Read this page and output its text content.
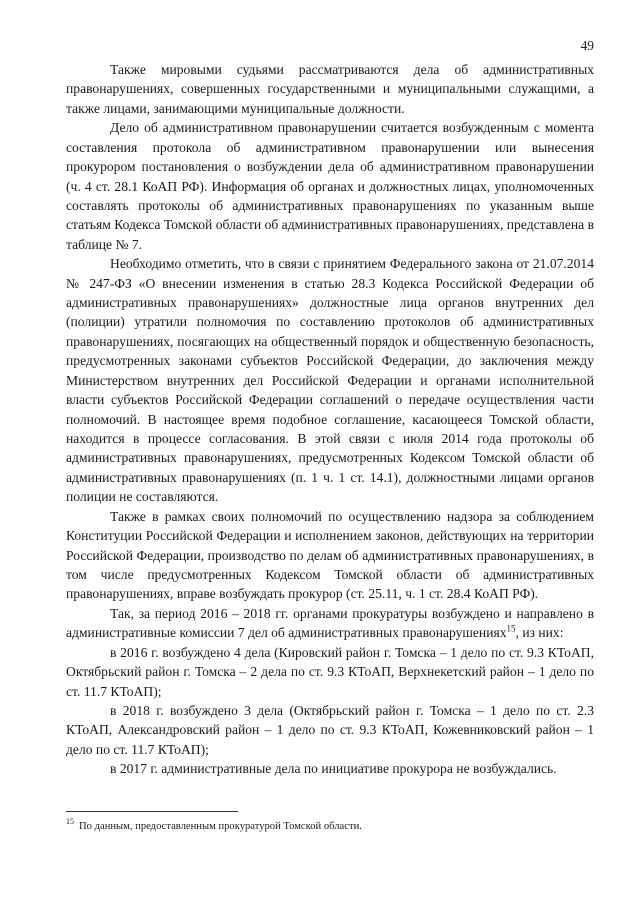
49

Также мировыми судьями рассматриваются дела об административных правонарушениях, совершенных государственными и муниципальными служащими, а также лицами, занимающими муниципальные должности.

Дело об административном правонарушении считается возбужденным с момента составления протокола об административном правонарушении или вынесения прокурором постановления о возбуждении дела об административном правонарушении (ч. 4 ст. 28.1 КоАП РФ). Информация об органах и должностных лицах, уполномоченных составлять протоколы об административных правонарушениях по указанным выше статьям Кодекса Томской области об административных правонарушениях, представлена в таблице № 7.

Необходимо отметить, что в связи с принятием Федерального закона от 21.07.2014 № 247-ФЗ «О внесении изменения в статью 28.3 Кодекса Российской Федерации об административных правонарушениях» должностные лица органов внутренних дел (полиции) утратили полномочия по составлению протоколов об административных правонарушениях, посягающих на общественный порядок и общественную безопасность, предусмотренных законами субъектов Российской Федерации, до заключения между Министерством внутренних дел Российской Федерации и органами исполнительной власти субъектов Российской Федерации соглашений о передаче осуществления части полномочий. В настоящее время подобное соглашение, касающееся Томской области, находится в процессе согласования. В этой связи с июля 2014 года протоколы об административных правонарушениях, предусмотренных Кодексом Томской области об административных правонарушениях (п. 1 ч. 1 ст. 14.1), должностными лицами органов полиции не составляются.

Также в рамках своих полномочий по осуществлению надзора за соблюдением Конституции Российской Федерации и исполнением законов, действующих на территории Российской Федерации, производство по делам об административных правонарушениях, в том числе предусмотренных Кодексом Томской области об административных правонарушениях, вправе возбуждать прокурор (ст. 25.11, ч. 1 ст. 28.4 КоАП РФ).

Так, за период 2016 – 2018 гг. органами прокуратуры возбуждено и направлено в административные комиссии 7 дел об административных правонарушениях$^{15}$, из них:

в 2016 г. возбуждено 4 дела (Кировский район г. Томска – 1 дело по ст. 9.3 КТоАП, Октябрьский район г. Томска – 2 дела по ст. 9.3 КТоАП, Верхнекетский район – 1 дело по ст. 11.7 КТоАП);

в 2018 г. возбуждено 3 дела (Октябрьский район г. Томска – 1 дело по ст. 2.3 КТоАП, Александровский район – 1 дело по ст. 9.3 КТоАП, Кожевниковский район – 1 дело по ст. 11.7 КТоАП);

в 2017 г. административные дела по инициативе прокурора не возбуждались.

$^{15}$ По данным, предоставленным прокуратурой Томской области.
